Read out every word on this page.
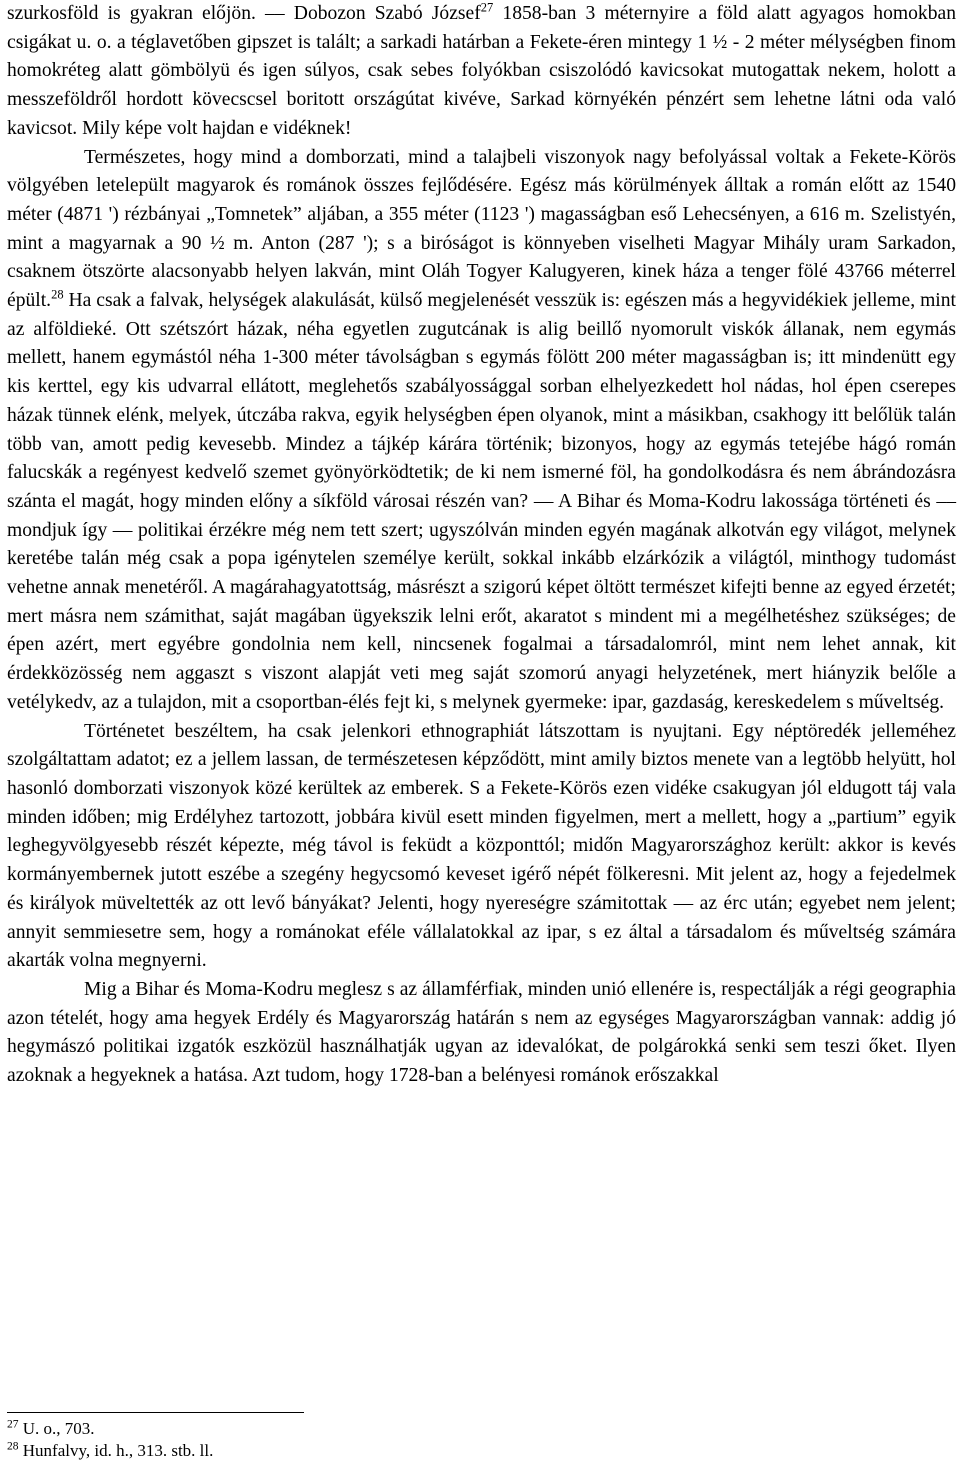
szurkosföld is gyakran előjön. –– Dobozon Szabó József$^{27}$ 1858-ban 3 méternyire a föld alatt agyagos homokban csigákat u. o. a téglavetőben gipszet is talált; a sarkadi határban a Fekete-éren mintegy 1 ½ - 2 méter mélységben finom homokréteg alatt gömbölyü és igen súlyos, csak sebes folyókban csiszolódó kavicsokat mutogattak nekem, holott a messzeföldről hordott kövecscsel boritott országútat kivéve, Sarkad környékén pénzért sem lehetne látni oda való kavicsot. Mily képe volt hajdan e vidéknek!

Természetes, hogy mind a domborzati, mind a talajbeli viszonyok nagy befolyással voltak a Fekete-Körös völgyében letelepült magyarok és románok összes fejlődésére. Egész más körülmények álltak a román előtt az 1540 méter (4871 ') rézbányai „Tomnetek” aljában, a 355 méter (1123 ') magasságban eső Lehecsényen, a 616 m. Szelistyén, mint a magyarnak a 90 ½ m. Anton (287 '); s a biróságot is könnyeben viselheti Magyar Mihály uram Sarkadon, csaknem ötszörte alacsonyabb helyen lakván, mint Oláh Togyer Kalugyeren, kinek háza a tenger fölé 43766 méterrel épült.$^{28}$ Ha csak a falvak, helységek alakulását, külső megjelenését vesszük is: egészen más a hegyvidékiek jelleme, mint az alföldieké. Ott szétszórt házak, néha egyetlen zugutcának is alig beillő nyomorult viskók állanak, nem egymás mellett, hanem egymástól néha 1-300 méter távolságban s egymás fölött 200 méter magasságban is; itt mindenütt egy kis kerttel, egy kis udvarral ellátott, meglehetős szabályossággal sorban elhelyezkedett hol nádas, hol épen cserepes házak tünnek elénk, melyek, útczába rakva, egyik helységben épen olyanok, mint a másikban, csakhogy itt belőlük talán több van, amott pedig kevesebb. Mindez a tájkép kárára történik; bizonyos, hogy az egymás tetejébe hágó román falucskák a regényest kedvelő szemet gyönyörködtetik; de ki nem ismerné föl, ha gondolkodásra és nem ábrándozásra szánta el magát, hogy minden előny a síkföld városai részén van? –– A Bihar és Moma-Kodru lakossága történeti és –– mondjuk így –– politikai érzékre még nem tett szert; ugyszólván minden egyén magának alkotván egy világot, melynek keretébe talán még csak a popa igénytelen személye került, sokkal inkább elzárkózik a világtól, minthogy tudomást vehetne annak menetéről. A magárahagyatottság, másrészt a szigorú képet öltött természet kifejti benne az egyed érzetét; mert másra nem számithat, saját magában ügyekszik lelni erőt, akaratot s mindent mi a megélhetéshez szükséges; de épen azért, mert egyébre gondolnia nem kell, nincsenek fogalmai a társadalomról, mint nem lehet annak, kit érdekközösség nem aggaszt s viszont alapját veti meg saját szomorú anyagi helyzetének, mert hiányzik belőle a vetélykedv, az a tulajdon, mit a csoportban-élés fejt ki, s melynek gyermeke: ipar, gazdaság, kereskedelem s műveltség.

Történetet beszéltem, ha csak jelenkori ethnographiát látszottam is nyujtani. Egy néptöredék jelleméhez szolgáltattam adatot; ez a jellem lassan, de természetesen képződött, mint amily biztos menete van a legtöbb helyütt, hol hasonló domborzati viszonyok közé kerültek az emberek. S a Fekete-Körös ezen vidéke csakugyan jól eldugott táj vala minden időben; mig Erdélyhez tartozott, jobbára kivül esett minden figyelmen, mert a mellett, hogy a „partium” egyik leghegyvölgyesebb részét képezte, még távol is feküdt a központtól; midőn Magyarországhoz került: akkor is kevés kormányembernek jutott eszébe a szegény hegycsomó keveset igérő népét fölkeresni. Mit jelent az, hogy a fejedelmek és királyok müveltették az ott levő bányákat? Jelenti, hogy nyereségre számitottak –– az érc után; egyebet nem jelent; annyit semmiesetre sem, hogy a románokat eféle vállalatokkal az ipar, s ez által a társadalom és műveltség számára akarták volna megnyerni.

Mig a Bihar és Moma-Kodru meglesz s az államférfiak, minden unió ellenére is, respectálják a régi geographia azon tételét, hogy ama hegyek Erdély és Magyarország határán s nem az egységes Magyarországban vannak: addig jó hegymászó politikai izgatók eszközül használhatják ugyan az idevalókat, de polgárokká senki sem teszi őket. Ilyen azoknak a hegyeknek a hatása. Azt tudom, hogy 1728-ban a belényesi románok erőszakkal

$^{27}$ U. o., 703.
$^{28}$ Hunfalvy, id. h., 313. stb. ll.
